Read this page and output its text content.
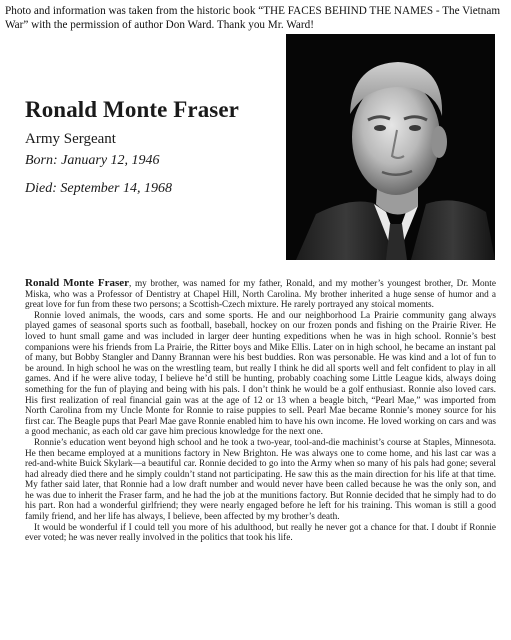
Photo and information was taken from the historic book “THE FACES BEHIND THE NAMES - The Vietnam War” with the permission of author Don Ward. Thank you Mr. Ward!
Ronald Monte Fraser
Army Sergeant
Born: January 12, 1946
Died: September 14, 1968

Ronald Monte Fraser, my brother, was named for my father, Ronald, and my mother’s youngest brother, Dr. Monte Miska, who was a Professor of Dentistry at Chapel Hill, North Carolina. My brother inherited a huge sense of humor and a great love for fun from these two persons; a Scottish-Czech mixture. He rarely portrayed any stoical moments.

Ronnie loved animals, the woods, cars and some sports. He and our neighborhood La Prairie community gang always played games of seasonal sports such as football, baseball, hockey on our frozen ponds and fishing on the Prairie River. He loved to hunt small game and was included in larger deer hunting expeditions when he was in high school. Ronnie’s best companions were his friends from La Prairie, the Ritter boys and Mike Ellis. Later on in high school, he became an instant pal of many, but Bobby Stangler and Danny Brannan were his best buddies. Ron was personable. He was kind and a lot of fun to be around. In high school he was on the wrestling team, but really I think he did all sports well and felt confident to play in all games. And if he were alive today, I believe he’d still be hunting, probably coaching some Little League kids, always doing something for the fun of playing and being with his pals. I don’t think he would be a golf enthusiast. Ronnie also loved cars. His first realization of real financial gain was at the age of 12 or 13 when a beagle bitch, “Pearl Mae,” was imported from North Carolina from my Uncle Monte for Ronnie to raise puppies to sell. Pearl Mae became Ronnie’s money source for his first car. The Beagle pups that Pearl Mae gave Ronnie enabled him to have his own income. He loved working on cars and was a good mechanic, as each old car gave him precious knowledge for the next one.

Ronnie’s education went beyond high school and he took a two-year, tool-and-die machinist’s course at Staples, Minnesota. He then became employed at a munitions factory in New Brighton. He was always one to come home, and his last car was a red-and-white Buick Skylark—a beautiful car. Ronnie decided to go into the Army when so many of his pals had gone; several had already died there and he simply couldn’t stand not participating. He saw this as the main direction for his life at that time. My father said later, that Ronnie had a low draft number and would never have been called because he was the only son, and he was due to inherit the Fraser farm, and he had the job at the munitions factory. But Ronnie decided that he simply had to do his part. Ron had a wonderful girlfriend; they were nearly engaged before he left for his training. This woman is still a good family friend, and her life has always, I believe, been affected by my brother’s death.

It would be wonderful if I could tell you more of his adulthood, but really he never got a chance for that. I doubt if Ronnie ever voted; he was never really involved in the politics that took his life.
